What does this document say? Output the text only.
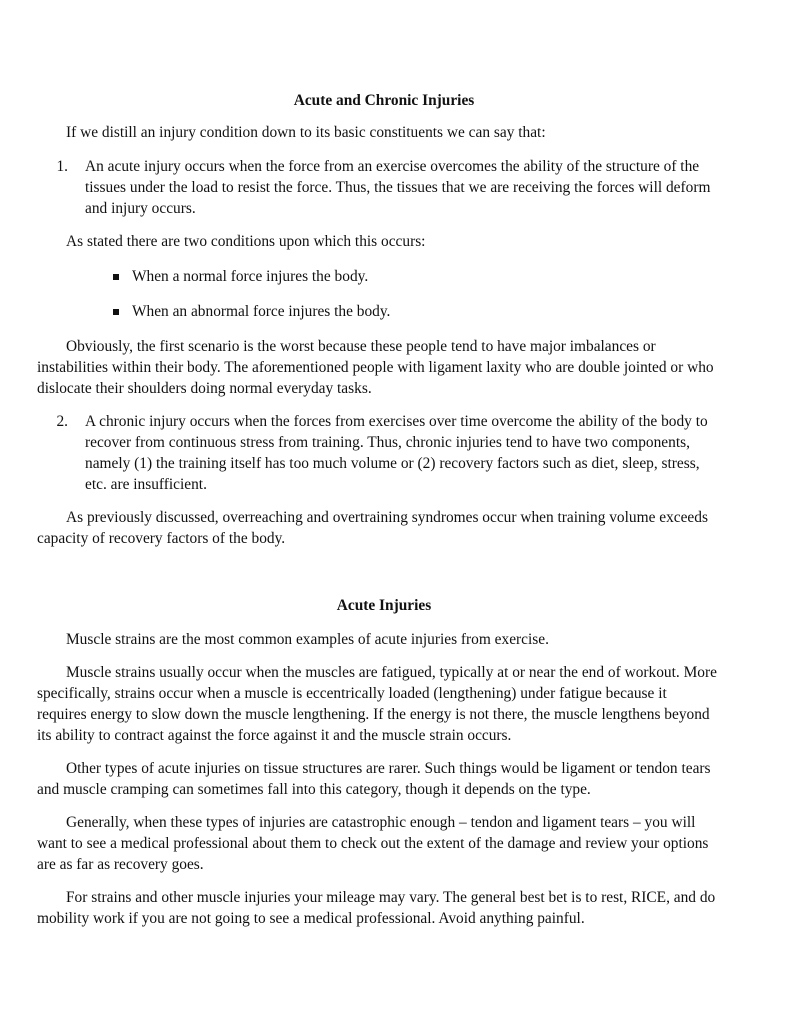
Acute and Chronic Injuries

If we distill an injury condition down to its basic constituents we can say that:

1.	An acute injury occurs when the force from an exercise overcomes the ability of the structure of the tissues under the load to resist the force. Thus, the tissues that we are receiving the forces will deform and injury occurs.

As stated there are two conditions upon which this occurs:

When a normal force injures the body.
When an abnormal force injures the body.

Obviously, the first scenario is the worst because these people tend to have major imbalances or instabilities within their body. The aforementioned people with ligament laxity who are double jointed or who dislocate their shoulders doing normal everyday tasks.

2.	A chronic injury occurs when the forces from exercises over time overcome the ability of the body to recover from continuous stress from training. Thus, chronic injuries tend to have two components, namely (1) the training itself has too much volume or (2) recovery factors such as diet, sleep, stress, etc. are insufficient.

As previously discussed, overreaching and overtraining syndromes occur when training volume exceeds capacity of recovery factors of the body.

Acute Injuries

Muscle strains are the most common examples of acute injuries from exercise.

Muscle strains usually occur when the muscles are fatigued, typically at or near the end of workout. More specifically, strains occur when a muscle is eccentrically loaded (lengthening) under fatigue because it requires energy to slow down the muscle lengthening. If the energy is not there, the muscle lengthens beyond its ability to contract against the force against it and the muscle strain occurs.

Other types of acute injuries on tissue structures are rarer. Such things would be ligament or tendon tears and muscle cramping can sometimes fall into this category, though it depends on the type.

Generally, when these types of injuries are catastrophic enough – tendon and ligament tears – you will want to see a medical professional about them to check out the extent of the damage and review your options are as far as recovery goes.

For strains and other muscle injuries your mileage may vary. The general best bet is to rest, RICE, and do mobility work if you are not going to see a medical professional. Avoid anything painful.
